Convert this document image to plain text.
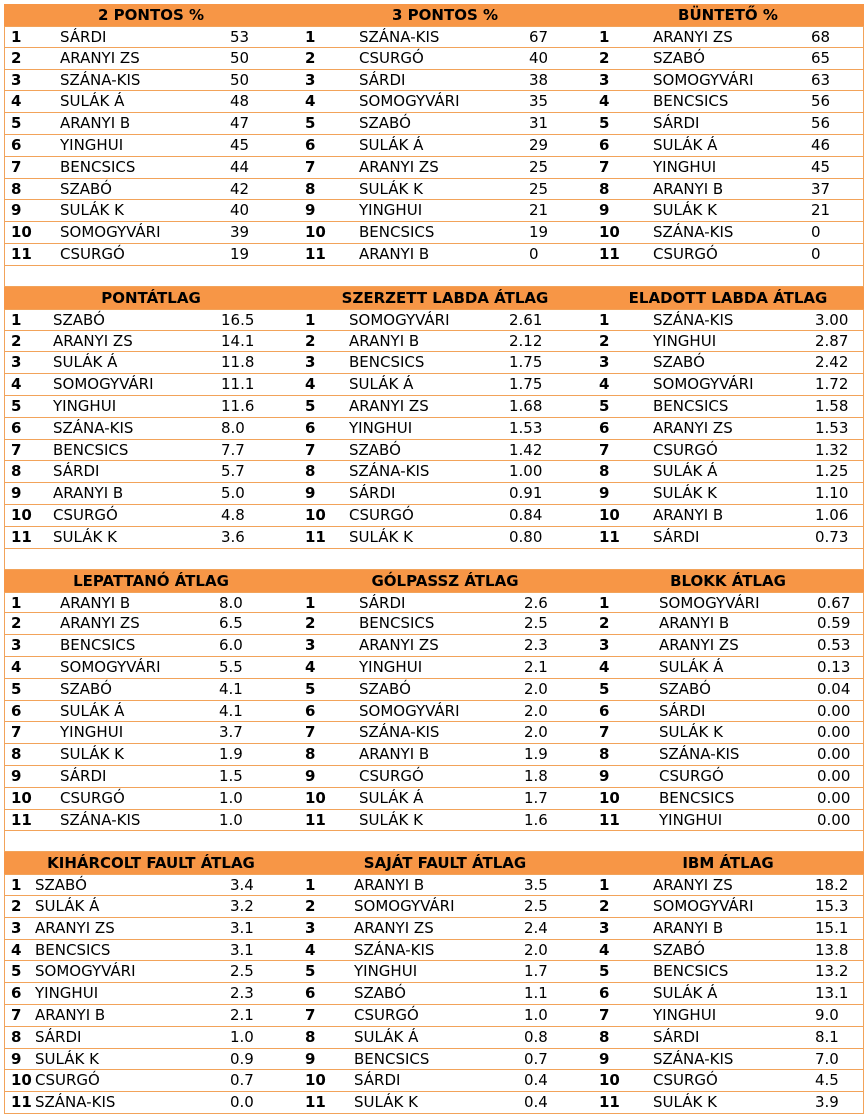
2 PONTOS %	3 PONTOS %	BÜNTETŐ %
1	SÁRDI	53	1	SZÁNA-KIS	67	1	ARANYI ZS	68
2	ARANYI ZS	50	2	CSURGÓ	40	2	SZABÓ	65
3	SZÁNA-KIS	50	3	SÁRDI	38	3	SOMOGYVÁRI	63
4	SULÁK Á	48	4	SOMOGYVÁRI	35	4	BENCSICS	56
5	ARANYI B	47	5	SZABÓ	31	5	SÁRDI	56
6	YINGHUI	45	6	SULÁK Á	29	6	SULÁK Á	46
7	BENCSICS	44	7	ARANYI ZS	25	7	YINGHUI	45
8	SZABÓ	42	8	SULÁK K	25	8	ARANYI B	37
9	SULÁK K	40	9	YINGHUI	21	9	SULÁK K	21
10 SOMOGYVÁRI	39	10 BENCSICS	19	10 SZÁNA-KIS	0
11 CSURGÓ	19	11 ARANYI B	0	11 CSURGÓ	0
PONTÁTLAG	SZERZETT LABDA ÁTLAG	ELADOTT LABDA ÁTLAG
1 SZABÓ	16.5	1 SOMOGYVÁRI	2.61	1	SZÁNA-KIS	3.00
2 ARANYI ZS	14.1	2 ARANYI B	2.12	2	YINGHUI	2.87
3 SULÁK Á	11.8	3 BENCSICS	1.75	3	SZABÓ	2.42
4 SOMOGYVÁRI	11.1	4 SULÁK Á	1.75	4	SOMOGYVÁRI	1.72
5 YINGHUI	11.6	5 ARANYI ZS	1.68	5	BENCSICS	1.58
6 SZÁNA-KIS	8.0	6 YINGHUI	1.53	6	ARANYI ZS	1.53
7 BENCSICS	7.7	7 SZABÓ	1.42	7	CSURGÓ	1.32
8 SÁRDI	5.7	8 SZÁNA-KIS	1.00	8	SULÁK Á	1.25
9 ARANYI B	5.0	9 SÁRDI	0.91	9	SULÁK K	1.10
10 CSURGÓ	4.8	10 CSURGÓ	0.84	10 ARANYI B	1.06
11 SULÁK K	3.6	11 SULÁK K	0.80	11 SÁRDI	0.73
LEPATTANÓ ÁTLAG	GÓLPASSZ ÁTLAG	BLOKK ÁTLAG
1	ARANYI B	8.0	1	SÁRDI	2.6	1	SOMOGYVÁRI	0.67
2	ARANYI ZS	6.5	2	BENCSICS	2.5	2	ARANYI B	0.59
3	BENCSICS	6.0	3	ARANYI ZS	2.3	3	ARANYI ZS	0.53
4	SOMOGYVÁRI	5.5	4	YINGHUI	2.1	4	SULÁK Á	0.13
5	SZABÓ	4.1	5	SZABÓ	2.0	5	SZABÓ	0.04
6	SULÁK Á	4.1	6	SOMOGYVÁRI	2.0	6	SÁRDI	0.00
7	YINGHUI	3.7	7	SZÁNA-KIS	2.0	7	SULÁK K	0.00
8	SULÁK K	1.9	8	ARANYI B	1.9	8	SZÁNA-KIS	0.00
9	SÁRDI	1.5	9	CSURGÓ	1.8	9	CSURGÓ	0.00
10 CSURGÓ	1.0	10 SULÁK Á	1.7	10	BENCSICS	0.00
11 SZÁNA-KIS	1.0	11 SULÁK K	1.6	11	YINGHUI	0.00
KIHÁRCOLT FAULT ÁTLAG	SAJÁT FAULT ÁTLAG	IBM ÁTLAG
1 SZABÓ	3.4	1	ARANYI B	3.5	1	ARANYI ZS	18.2
2 SULÁK Á	3.2	2	SOMOGYVÁRI	2.5	2	SOMOGYVÁRI	15.3
3 ARANYI ZS	3.1	3	ARANYI ZS	2.4	3	ARANYI B	15.1
4 BENCSICS	3.1	4	SZÁNA-KIS	2.0	4	SZABÓ	13.8
5 SOMOGYVÁRI	2.5	5	YINGHUI	1.7	5	BENCSICS	13.2
6 YINGHUI	2.3	6	SZABÓ	1.1	6	SULÁK Á	13.1
7 ARANYI B	2.1	7	CSURGÓ	1.0	7	YINGHUI	9.0
8 SÁRDI	1.0	8	SULÁK Á	0.8	8	SÁRDI	8.1
9 SULÁK K	0.9	9	BENCSICS	0.7	9	SZÁNA-KIS	7.0
10 CSURGÓ	0.7	10 SÁRDI	0.4	10 CSURGÓ	4.5
11 SZÁNA-KIS	0.0	11 SULÁK K	0.4	11 SULÁK K	3.9
